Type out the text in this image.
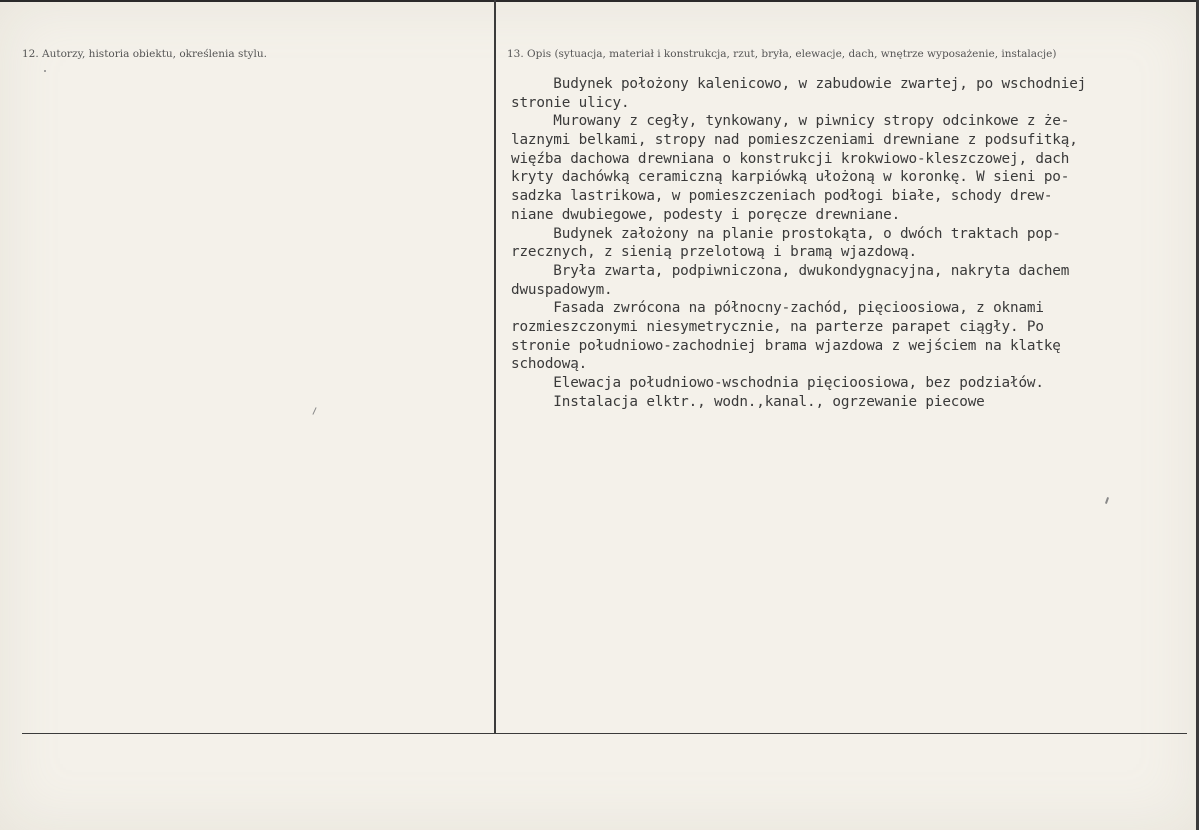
12. Autorzy, historia obiektu, określenia stylu.	13. Opis (sytuacja, materiał i konstrukcja, rzut, bryła, elewacje, dach, wnętrze wyposażenie, instalacje)
Budynek położony kalenicowo, w zabudowie zwartej, po wschodniej
stronie ulicy.
Murowany z cegły, tynkowany, w piwnicy stropy odcinkowe z że-
laznymi belkami, stropy nad pomieszczeniami drewniane z podsufitką,
więźba dachowa drewniana o konstrukcji krokwiowo-kleszczowej, dach
kryty dachówką ceramiczną karpiówką ułożoną w koronkę. W sieni po-
sadzka lastrikowa, w pomieszczeniach podłogi białe, schody drew-
niane dwubiegowe, podesty i poręcze drewniane.
Budynek założony na planie prostokąta, o dwóch traktach pop-
rzecznych, z sienią przelotową i bramą wjazdową.
Bryła zwarta, podpiwniczona, dwukondygnacyjna, nakryta dachem
dwuspadowym.
Fasada zwrócona na północny-zachód, pięcioosiowa, z oknami
rozmieszczonymi niesymetrycznie, na parterze parapet ciągły. Po
stronie południowo-zachodniej brama wjazdowa z wejściem na klatkę
schodową.
Elewacja południowo-wschodnia pięcioosiowa, bez podziałów.
Instalacja elktr., wodn.,kanal., ogrzewanie piecowe
